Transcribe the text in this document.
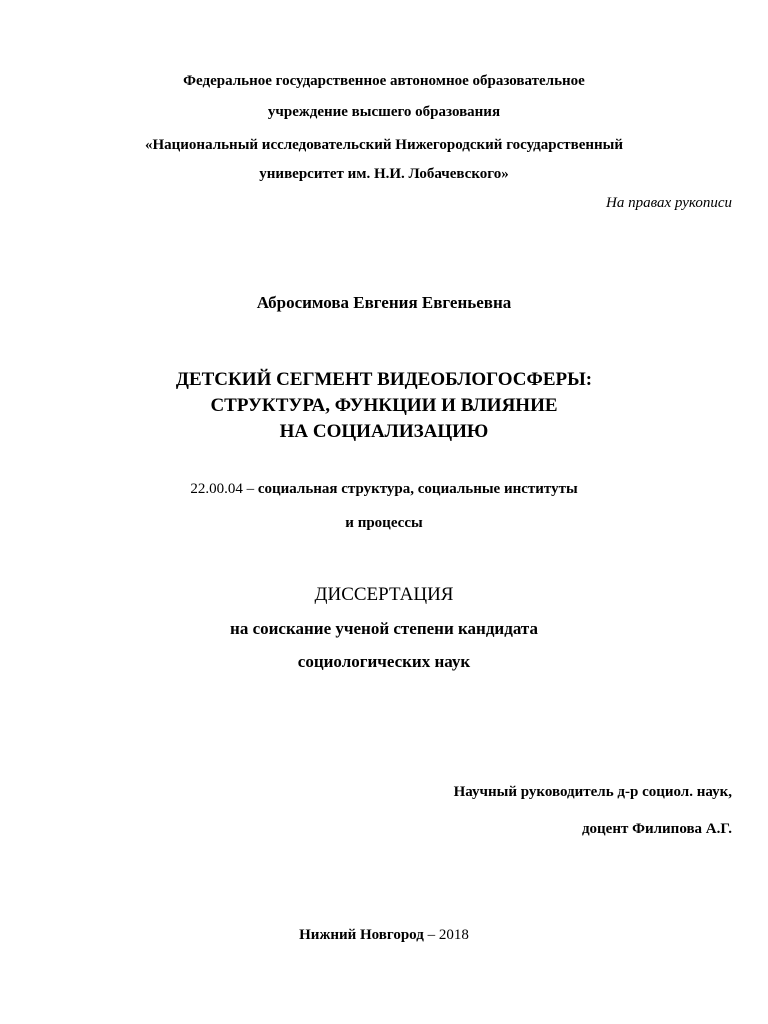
Федеральное государственное автономное образовательное
учреждение высшего образования
«Национальный исследовательский Нижегородский государственный
университет им. Н.И. Лобачевского»
На правах рукописи
Абросимова Евгения Евгеньевна
ДЕТСКИЙ СЕГМЕНТ ВИДЕОБЛОГОСФЕРЫ:
СТРУКТУРА, ФУНКЦИИ И ВЛИЯНИЕ
НА СОЦИАЛИЗАЦИЮ
22.00.04 – социальная структура, социальные институты
и процессы
ДИССЕРТАЦИЯ
на соискание ученой степени кандидата
социологических наук
Научный руководитель д-р социол. наук,
доцент Филипова А.Г.
Нижний Новгород – 2018
